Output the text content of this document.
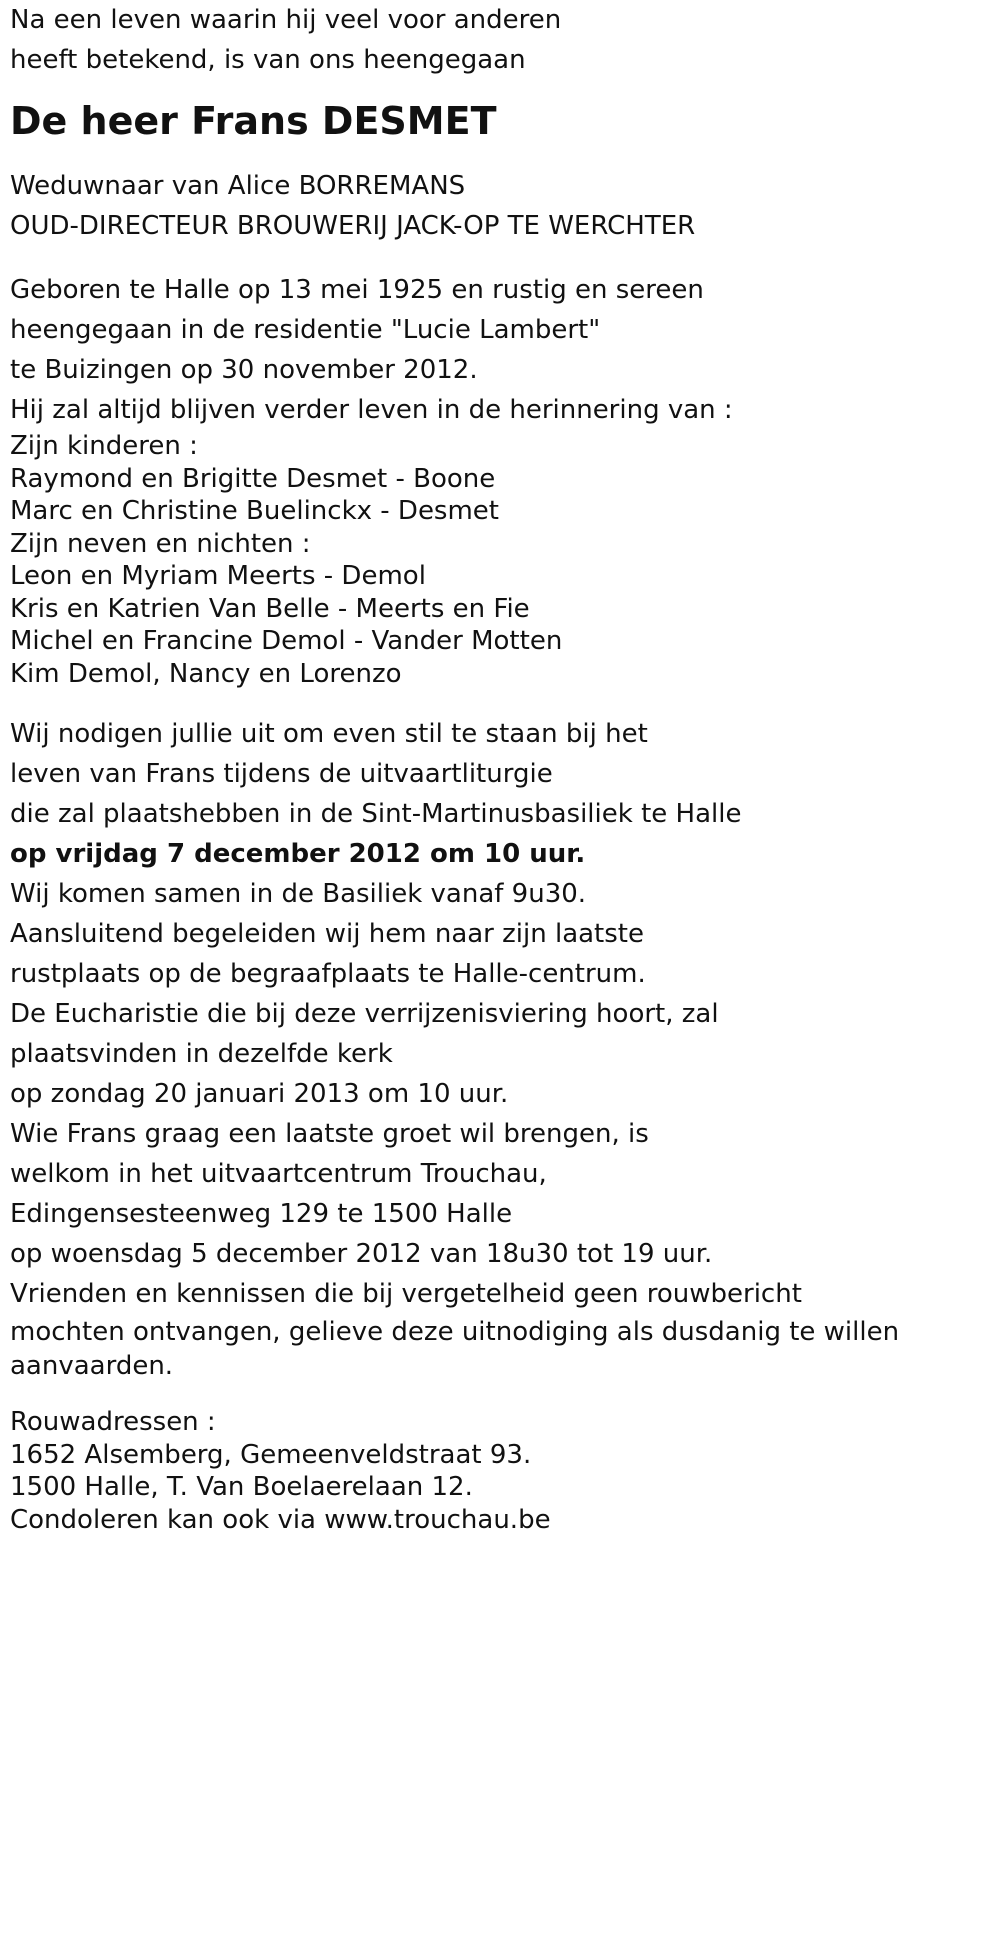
Na een leven waarin hij veel voor anderen
heeft betekend, is van ons heengegaan
De heer Frans DESMET
Weduwnaar van Alice BORREMANS
OUD-DIRECTEUR BROUWERIJ JACK-OP TE WERCHTER
Geboren te Halle op 13 mei 1925 en rustig en sereen
heengegaan in de residentie "Lucie Lambert"
te Buizingen op 30 november 2012.
Hij zal altijd blijven verder leven in de herinnering van :
Zijn kinderen :
Raymond en Brigitte Desmet - Boone
Marc en Christine Buelinckx - Desmet
Zijn neven en nichten :
Leon en Myriam Meerts - Demol
Kris en Katrien Van Belle - Meerts en Fie
Michel en Francine Demol - Vander Motten
Kim Demol, Nancy en Lorenzo
Wij nodigen jullie uit om even stil te staan bij het
leven van Frans tijdens de uitvaartliturgie
die zal plaatshebben in de Sint-Martinusbasiliek te Halle
op vrijdag 7 december 2012 om 10 uur.
Wij komen samen in de Basiliek vanaf 9u30.
Aansluitend begeleiden wij hem naar zijn laatste
rustplaats op de begraafplaats te Halle-centrum.
De Eucharistie die bij deze verrijzenisviering hoort, zal
plaatsvinden in dezelfde kerk
op zondag 20 januari 2013 om 10 uur.
Wie Frans graag een laatste groet wil brengen, is
welkom in het uitvaartcentrum Trouchau,
Edingensesteenweg 129 te 1500 Halle
op woensdag 5 december 2012 van 18u30 tot 19 uur.
Vrienden en kennissen die bij vergetelheid geen rouwbericht
mochten ontvangen, gelieve deze uitnodiging als dusdanig te willen
aanvaarden.
Rouwadressen :
1652 Alsemberg, Gemeenveldstraat 93.
1500 Halle, T. Van Boelaerelaan 12.
Condoleren kan ook via www.trouchau.be
